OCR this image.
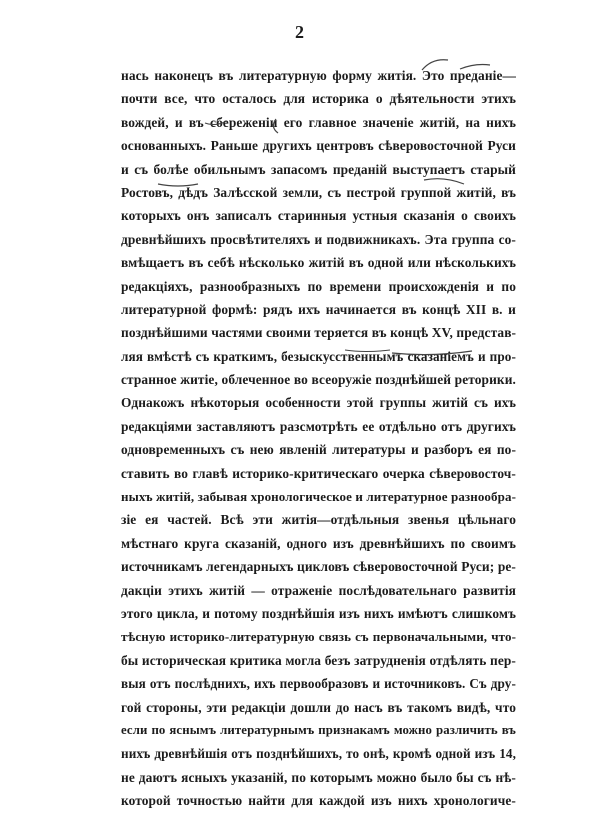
2
нась наконецъ въ литературную форму житія. Это преданіе—
почти все, что осталось для историка о дѣятельности этихъ
вождей, и въ сбереженіи его главное значеніе житій, на нихъ
основанныхъ. Раньше другихъ центровъ сѣверовосточной Руси
и съ болѣе обильнымъ запасомъ преданій выступаетъ старый
Ростовъ, дѣдъ Залѣсской земли, съ пестрой группой житій, въ
которыхъ онъ записалъ старинныя устныя сказанія о своихъ
древнѣйшихъ просвѣтителяхъ и подвижникахъ. Эта группа со-
вмѣщаетъ въ себѣ нѣсколько житій въ одной или нѣсколькихъ
редакціяхъ, разнообразныхъ по времени происхожденія и по
литературной формѣ: рядъ ихъ начинается въ концѣ XII в. и
позднѣйшими частями своими теряется въ концѣ XV, представ-
ляя вмѣстѣ съ краткимъ, безыскусственнымъ сказаніемъ и про-
странное житіе, облеченное во всеоружіе позднѣйшей реторики.
Однакожъ нѣкоторыя особенности этой группы житій съ ихъ
редакціями заставляютъ разсмотрѣть ее отдѣльно отъ другихъ
одновременныхъ съ нею явленій литературы и разборъ ея по-
ставить во главѣ историко-критическаго очерка сѣверовосточ-
ныхъ житій, забывая хронологическое и литературное разнообра-
зіе ея частей. Всѣ эти житія—отдѣльныя звенья цѣльнаго
мѣстнаго круга сказаній, одного изъ древнѣйшихъ по своимъ
источникамъ легендарныхъ цикловъ сѣверовосточной Руси; ре-
дакціи этихъ житій — отраженіе послѣдовательнаго развитія
этого цикла, и потому позднѣйшія изъ нихъ имѣютъ слишкомъ
тѣсную историко-литературную связь съ первоначальными, что-
бы историческая критика могла безъ затрудненія отдѣлять пер-
выя отъ послѣднихъ, ихъ первообразовъ и источниковъ. Съ дру-
гой стороны, эти редакціи дошли до насъ въ такомъ видѣ, что
если по яснымъ литературнымъ признакамъ можно различить въ
нихъ древнѣйшія отъ позднѣйшихъ, то онѣ, кромѣ одной изъ 14,
не даютъ ясныхъ указаній, по которымъ можно было бы съ нѣ-
которой точностью найти для каждой изъ нихъ хронологиче-
